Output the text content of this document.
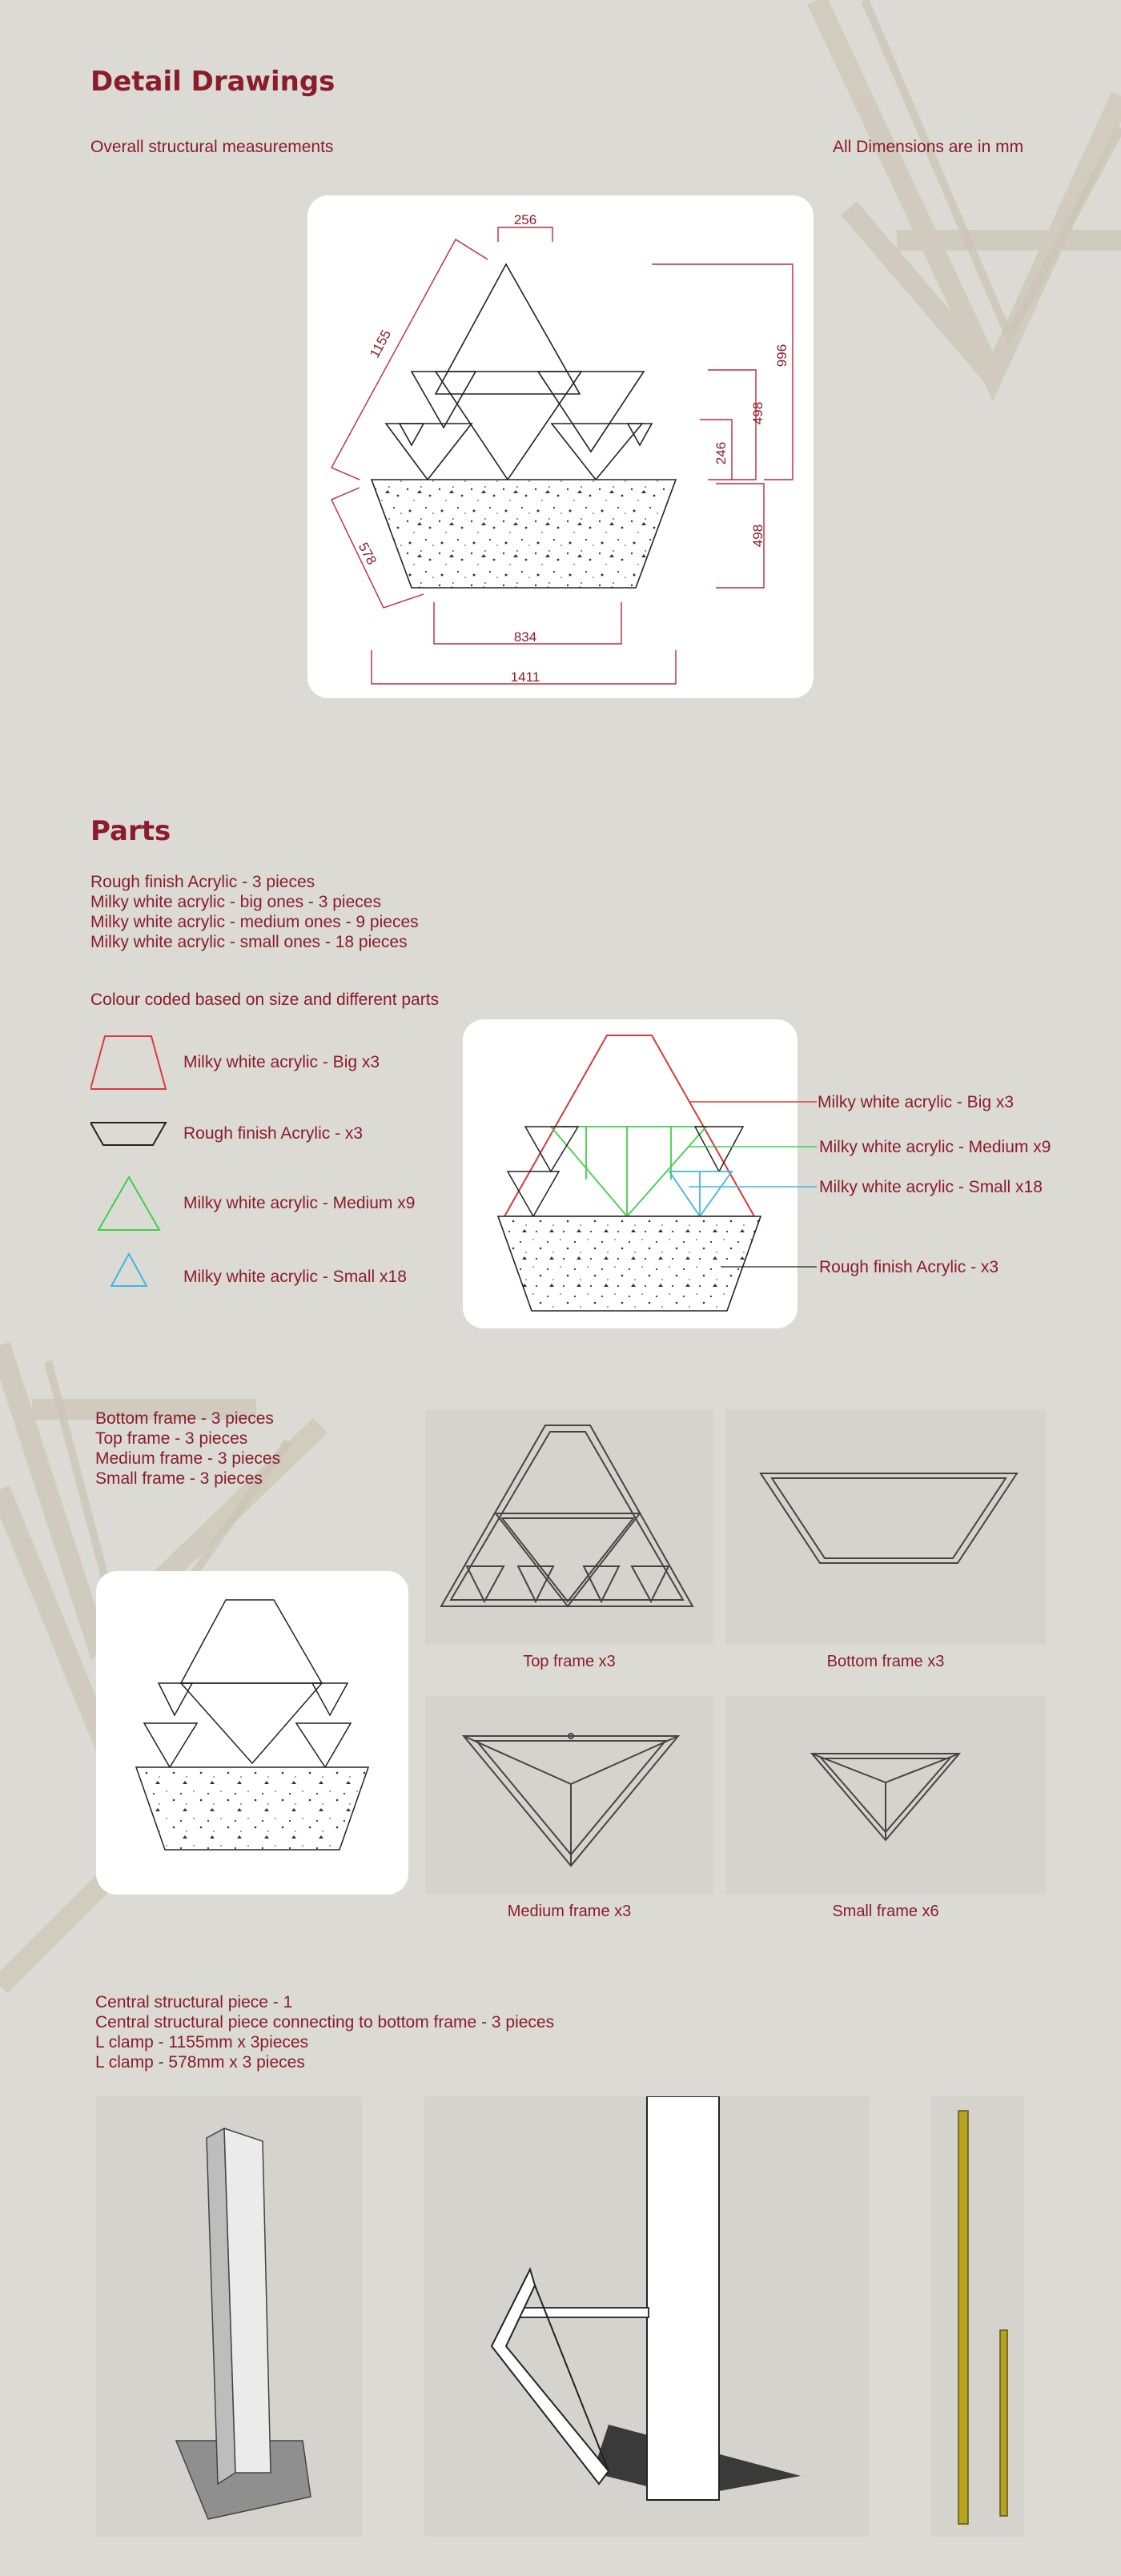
Detail Drawings
Overall structural measurements	All Dimensions are in mm
256
1155
578
996
498
246
498
834
1411
Parts
Rough finish Acrylic - 3 pieces
Milky white acrylic - big ones - 3 pieces
Milky white acrylic - medium ones - 9 pieces
Milky white acrylic - small ones - 18 pieces
Colour coded based on size and different parts
Milky white acrylic - Big x3
Rough finish Acrylic - x3
Milky white acrylic - Medium x9
Milky white acrylic - Small x18
Milky white acrylic - Big x3
Milky white acrylic - Medium x9
Milky white acrylic - Small x18
Rough finish Acrylic - x3
Bottom frame - 3 pieces
Top frame - 3 pieces
Medium frame - 3 pieces
Small frame - 3 pieces
Top frame x3	Bottom frame x3
Medium frame x3	Small frame x6
Central structural piece - 1
Central structural piece connecting to bottom frame - 3 pieces
L clamp - 1155mm x 3pieces
L clamp - 578mm x 3 pieces
